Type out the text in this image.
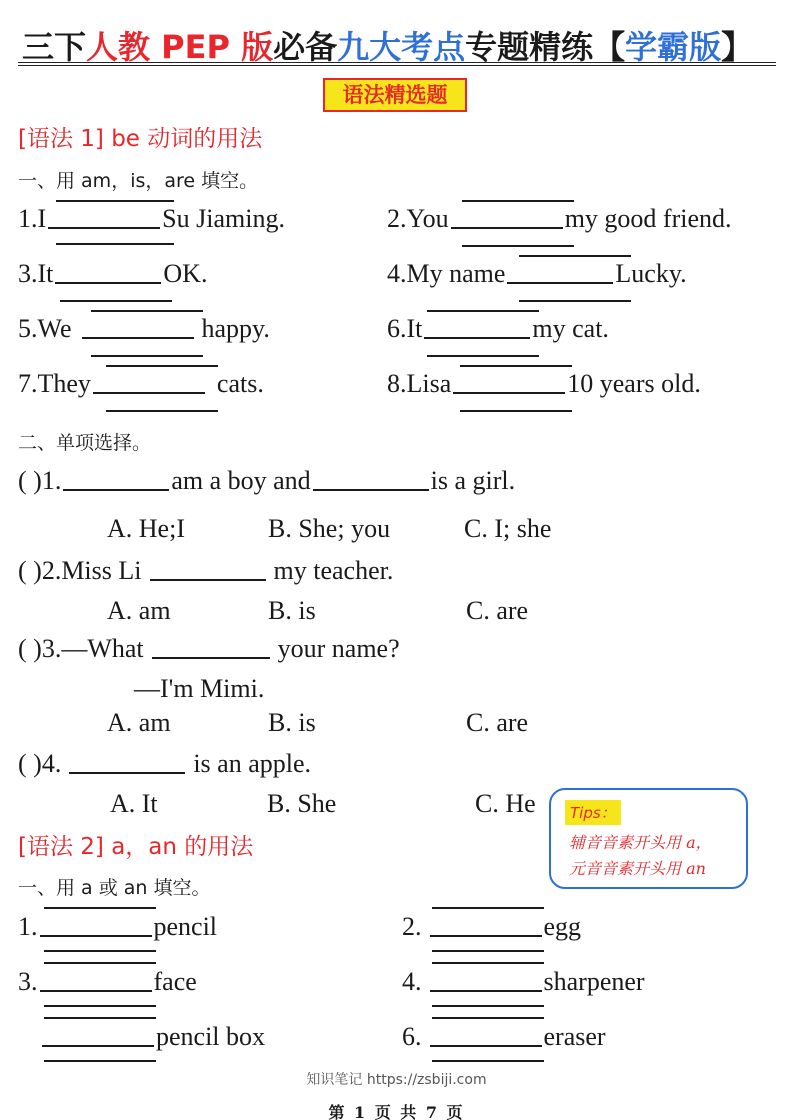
三下人教 PEP 版必备九大考点专题精练【学霸版】
语法精选题
[语法 1] be 动词的用法
一、用 am，is，are 填空。
1.I	Su Jiaming.	2.You	my good friend.
3.It	OK.	4.My name	Lucky.
5.We	happy.	6.It	my cat.
7.They	cats.	8.Lisa	10 years old.
二、单项选择。
( )1.	am a boy and	is a girl.
A. He;I	B. She; you	C. I; she
( )2.Miss Li	my teacher.
A. am	B. is	C. are
( )3.—What	your name?
—I'm Mimi.
A. am	B. is	C. are
( )4.	is an apple.
A. It	B. She	C. He	Tips：
辅音音素开头用 a，
元音音素开头用 an
[语法 2] a，an 的用法
一、用 a 或 an 填空。
1.	pencil	2.	egg
3.	face	4.	sharpener
pencil box	6.	eraser
知识笔记 https://zsbiji.com
第 1 页 共 7 页
